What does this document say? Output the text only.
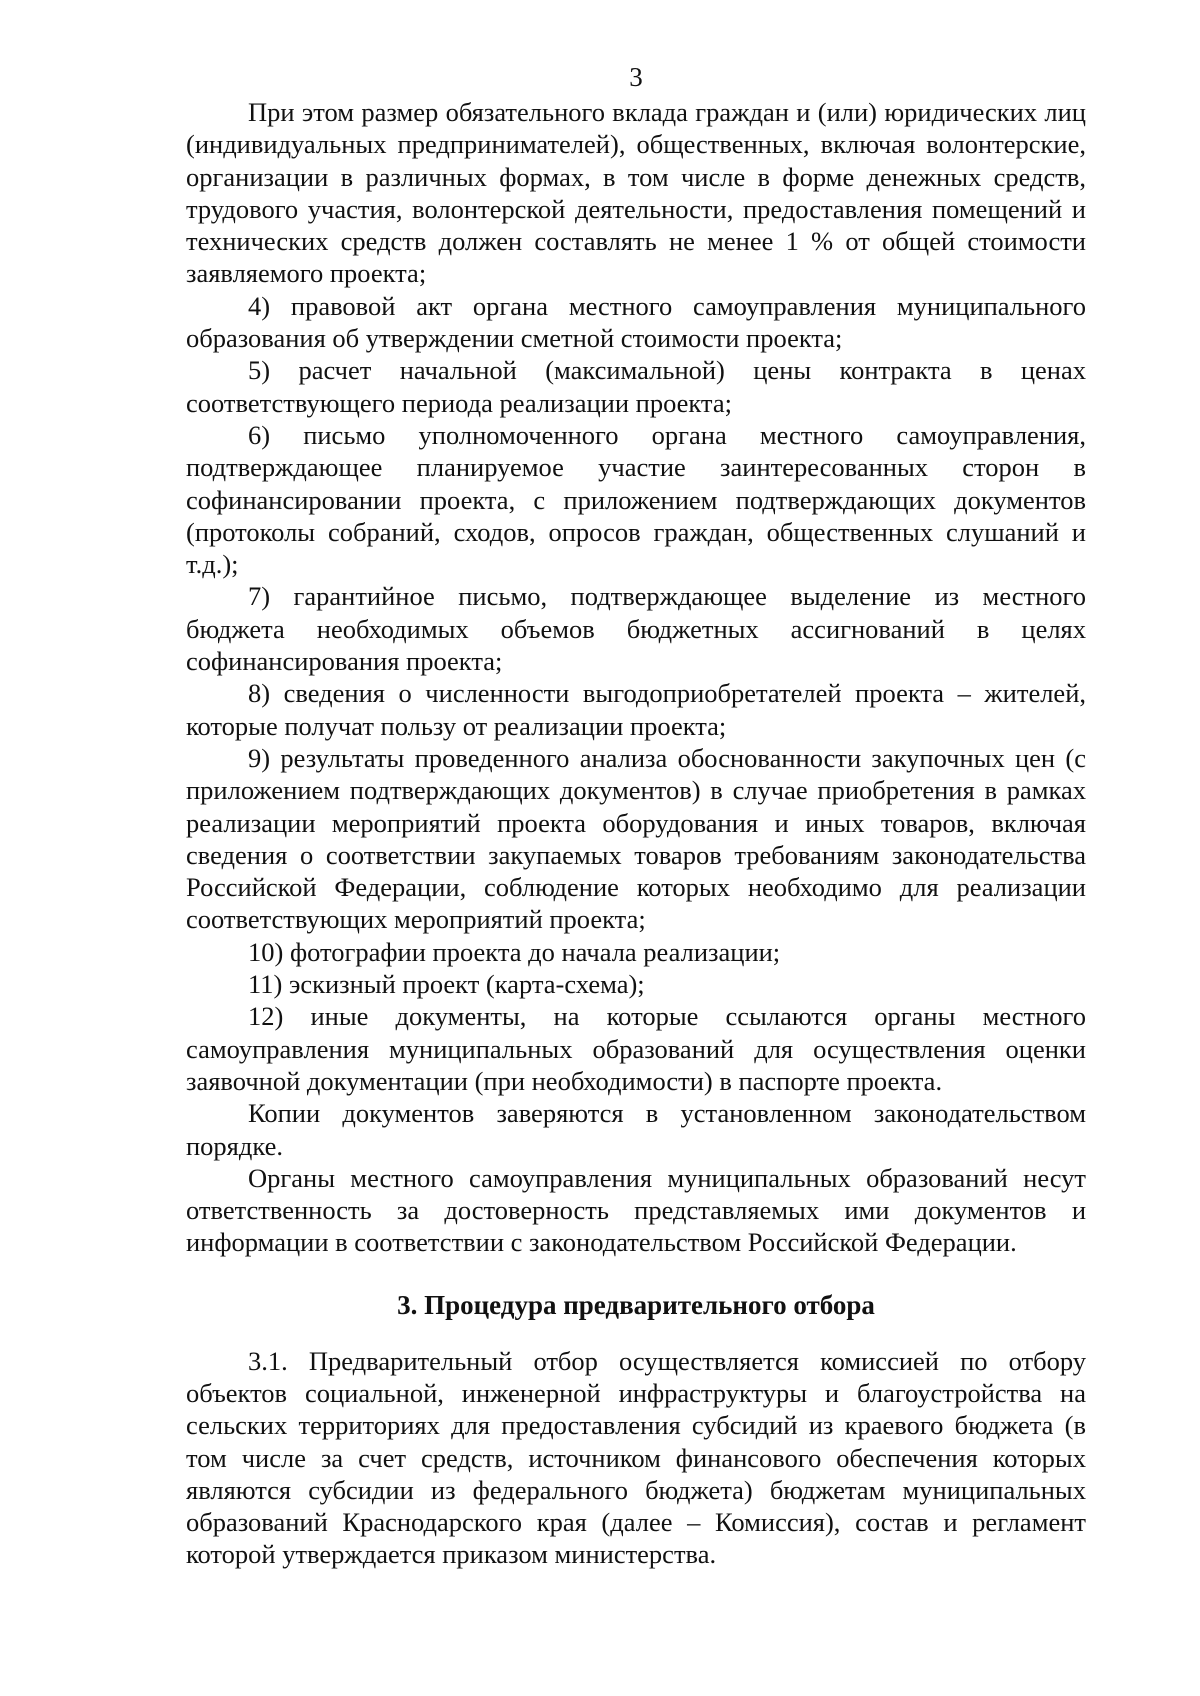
3

При этом размер обязательного вклада граждан и (или) юридических лиц (индивидуальных предпринимателей), общественных, включая волонтерские, организации в различных формах, в том числе в форме денежных средств, трудового участия, волонтерской деятельности, предоставления помещений и технических средств должен составлять не менее 1 % от общей стоимости заявляемого проекта;

4) правовой акт органа местного самоуправления муниципального образования об утверждении сметной стоимости проекта;

5) расчет начальной (максимальной) цены контракта в ценах соответствующего периода реализации проекта;

6) письмо уполномоченного органа местного самоуправления, подтверждающее планируемое участие заинтересованных сторон в софинансировании проекта, с приложением подтверждающих документов (протоколы собраний, сходов, опросов граждан, общественных слушаний и т.д.);

7) гарантийное письмо, подтверждающее выделение из местного бюджета необходимых объемов бюджетных ассигнований в целях софинансирования проекта;

8) сведения о численности выгодоприобретателей проекта – жителей, которые получат пользу от реализации проекта;

9) результаты проведенного анализа обоснованности закупочных цен (с приложением подтверждающих документов) в случае приобретения в рамках реализации мероприятий проекта оборудования и иных товаров, включая сведения о соответствии закупаемых товаров требованиям законодательства Российской Федерации, соблюдение которых необходимо для реализации соответствующих мероприятий проекта;

10) фотографии проекта до начала реализации;

11) эскизный проект (карта-схема);

12) иные документы, на которые ссылаются органы местного самоуправления муниципальных образований для осуществления оценки заявочной документации (при необходимости) в паспорте проекта.

Копии документов заверяются в установленном законодательством порядке.

Органы местного самоуправления муниципальных образований несут ответственность за достоверность представляемых ими документов и информации в соответствии с законодательством Российской Федерации.

3. Процедура предварительного отбора

3.1. Предварительный отбор осуществляется комиссией по отбору объектов социальной, инженерной инфраструктуры и благоустройства на сельских территориях для предоставления субсидий из краевого бюджета (в том числе за счет средств, источником финансового обеспечения которых являются субсидии из федерального бюджета) бюджетам муниципальных образований Краснодарского края (далее – Комиссия), состав и регламент которой утверждается приказом министерства.
